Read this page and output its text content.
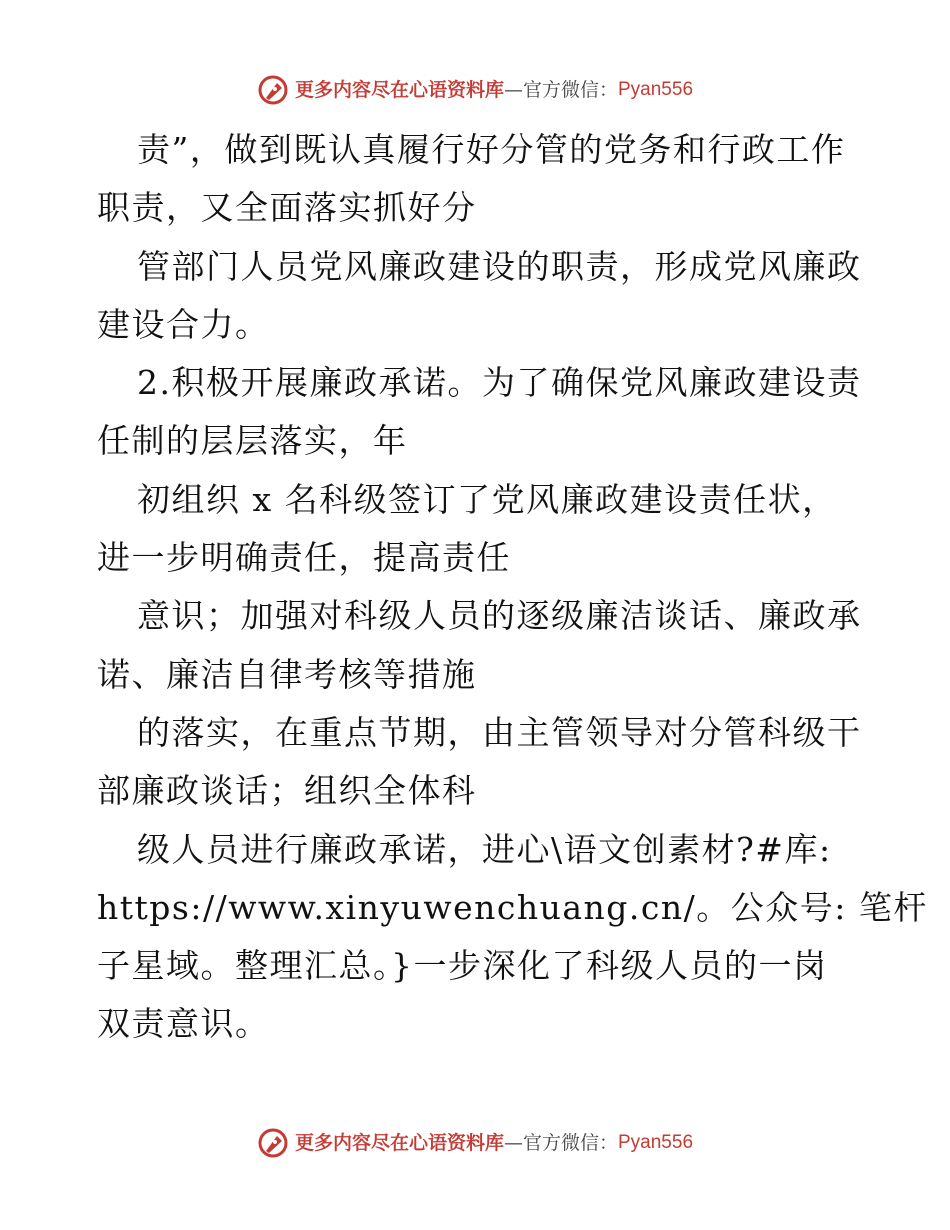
更多内容尽在心语资料库 — 官方微信： Pyan556
责”，做到既认真履行好分管的党务和行政工作
职责，又全面落实抓好分
管部门人员党风廉政建设的职责，形成党风廉政
建设合力。
2.积极开展廉政承诺。为了确保党风廉政建设责
任制的层层落实，年
初组织 x 名科级签订了党风廉政建设责任状，
进一步明确责任，提高责任
意识；加强对科级人员的逐级廉洁谈话、廉政承
诺、廉洁自律考核等措施
的落实，在重点节期，由主管领导对分管科级干
部廉政谈话；组织全体科
级人员进行廉政承诺，进心\语文创素材?#库:
https://www.xinyuwenchuang.cn/。公众号: 笔杆
子星域。整理汇总。}一步深化了科级人员的一岗
双责意识。
更多内容尽在心语资料库 — 官方微信： Pyan556
